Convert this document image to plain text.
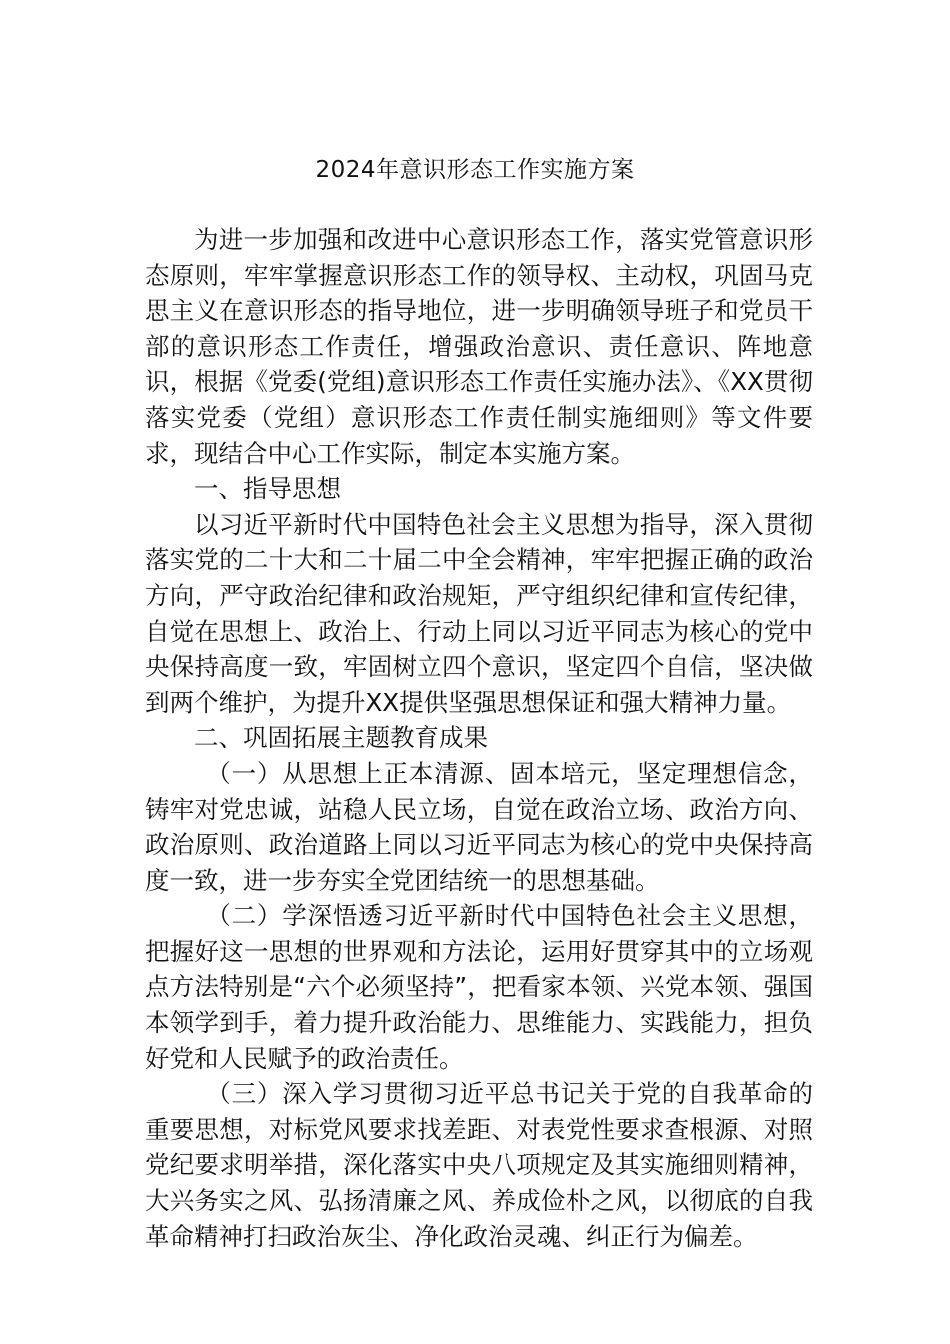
2024年意识形态工作实施方案

为进一步加强和改进中心意识形态工作，落实党管意识形态原则，牢牢掌握意识形态工作的领导权、主动权，巩固马克思主义在意识形态的指导地位，进一步明确领导班子和党员干部的意识形态工作责任，增强政治意识、责任意识、阵地意识，根据《党委(党组)意识形态工作责任实施办法》、《XX贯彻落实党委（党组）意识形态工作责任制实施细则》等文件要求，现结合中心工作实际，制定本实施方案。

一、指导思想

以习近平新时代中国特色社会主义思想为指导，深入贯彻落实党的二十大和二十届二中全会精神，牢牢把握正确的政治方向，严守政治纪律和政治规矩，严守组织纪律和宣传纪律，自觉在思想上、政治上、行动上同以习近平同志为核心的党中央保持高度一致，牢固树立四个意识，坚定四个自信，坚决做到两个维护，为提升XX提供坚强思想保证和强大精神力量。

二、巩固拓展主题教育成果

（一）从思想上正本清源、固本培元，坚定理想信念，铸牢对党忠诚，站稳人民立场，自觉在政治立场、政治方向、政治原则、政治道路上同以习近平同志为核心的党中央保持高度一致，进一步夯实全党团结统一的思想基础。

（二）学深悟透习近平新时代中国特色社会主义思想，把握好这一思想的世界观和方法论，运用好贯穿其中的立场观点方法特别是“六个必须坚持”，把看家本领、兴党本领、强国本领学到手，着力提升政治能力、思维能力、实践能力，担负好党和人民赋予的政治责任。

（三）深入学习贯彻习近平总书记关于党的自我革命的重要思想，对标党风要求找差距、对表党性要求查根源、对照党纪要求明举措，深化落实中央八项规定及其实施细则精神，大兴务实之风、弘扬清廉之风、养成俭朴之风，以彻底的自我革命精神打扫政治灰尘、净化政治灵魂、纠正行为偏差。
